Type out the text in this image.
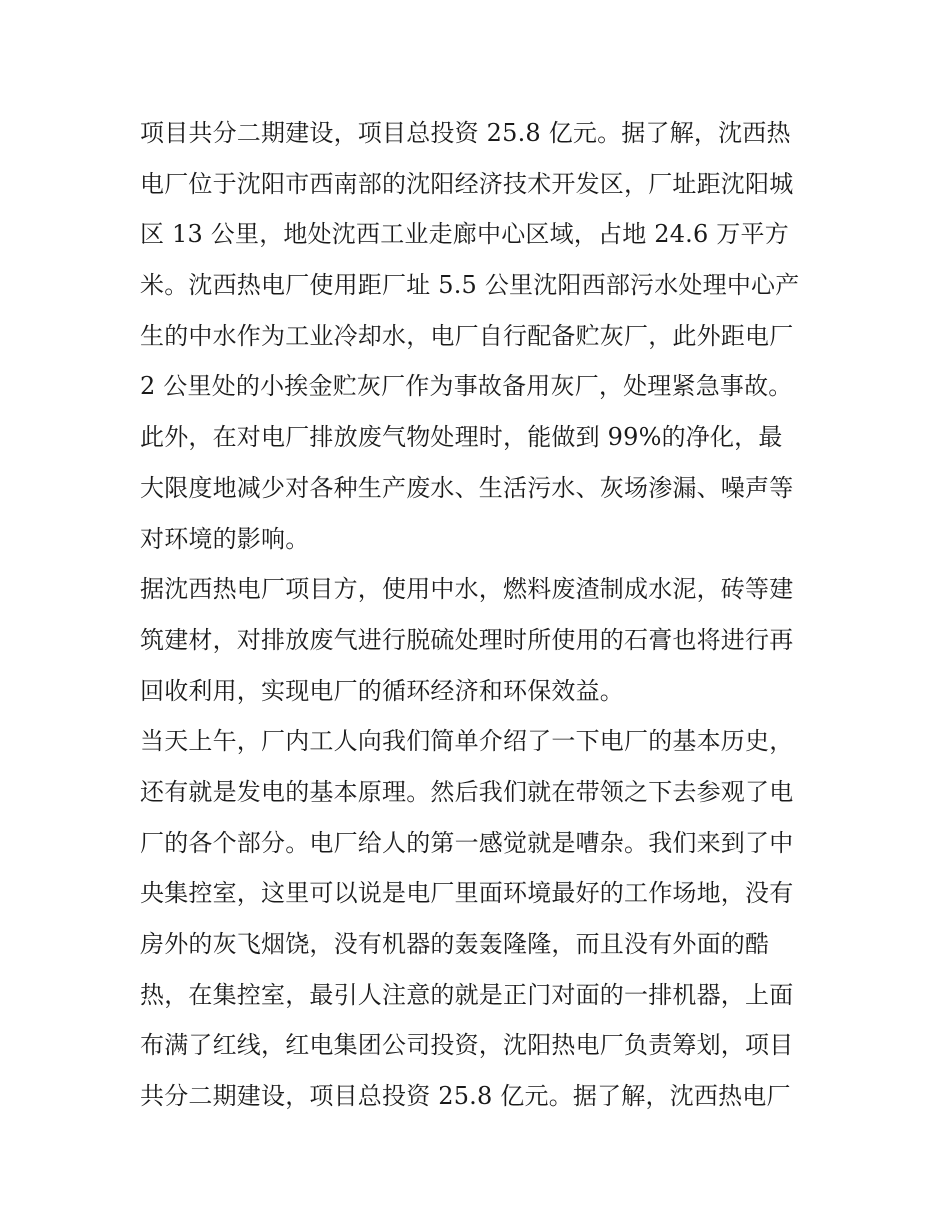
项目共分二期建设，项目总投资 25.8 亿元。据了解，沈西热
电厂位于沈阳市西南部的沈阳经济技术开发区，厂址距沈阳城
区 13 公里，地处沈西工业走廊中心区域，占地 24.6 万平方
米。沈西热电厂使用距厂址 5.5 公里沈阳西部污水处理中心产
生的中水作为工业冷却水，电厂自行配备贮灰厂，此外距电厂
2 公里处的小挨金贮灰厂作为事故备用灰厂，处理紧急事故。
此外，在对电厂排放废气物处理时，能做到 99%的净化，最
大限度地减少对各种生产废水、生活污水、灰场渗漏、噪声等
对环境的影响。
据沈西热电厂项目方，使用中水，燃料废渣制成水泥，砖等建
筑建材，对排放废气进行脱硫处理时所使用的石膏也将进行再
回收利用，实现电厂的循环经济和环保效益。
当天上午，厂内工人向我们简单介绍了一下电厂的基本历史，
还有就是发电的基本原理。然后我们就在带领之下去参观了电
厂的各个部分。电厂给人的第一感觉就是嘈杂。我们来到了中
央集控室，这里可以说是电厂里面环境最好的工作场地，没有
房外的灰飞烟饶，没有机器的轰轰隆隆，而且没有外面的酷
热，在集控室，最引人注意的就是正门对面的一排机器，上面
布满了红线，红电集团公司投资，沈阳热电厂负责筹划，项目
共分二期建设，项目总投资 25.8 亿元。据了解，沈西热电厂
